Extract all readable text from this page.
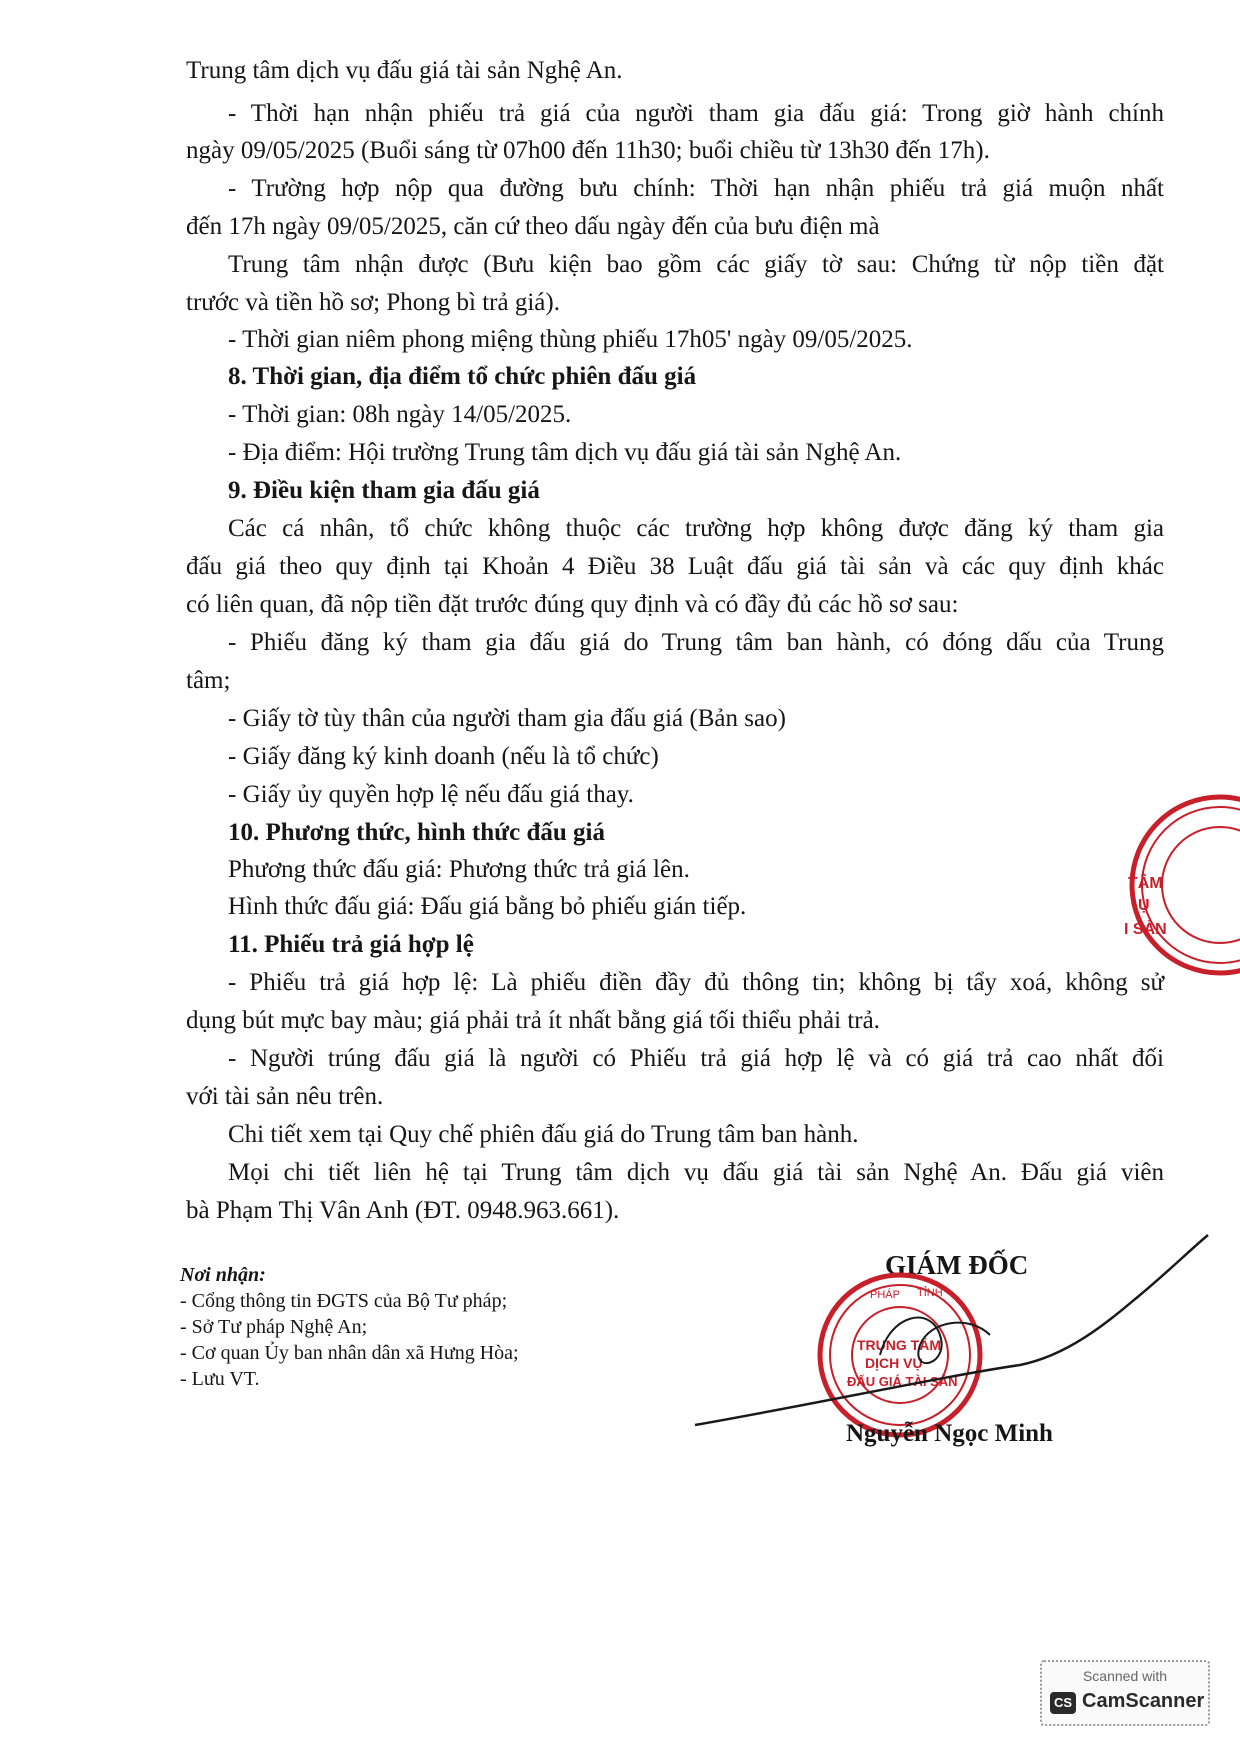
Trung tâm dịch vụ đấu giá tài sản Nghệ An.
- Thời hạn nhận phiếu trả giá của người tham gia đấu giá: Trong giờ hành chính
ngày 09/05/2025 (Buổi sáng từ 07h00 đến 11h30; buổi chiều từ 13h30 đến 17h).
- Trường hợp nộp qua đường bưu chính: Thời hạn nhận phiếu trả giá muộn nhất
đến 17h ngày 09/05/2025, căn cứ theo dấu ngày đến của bưu điện mà
Trung tâm nhận được (Bưu kiện bao gồm các giấy tờ sau: Chứng từ nộp tiền đặt
trước và tiền hồ sơ; Phong bì trả giá).
- Thời gian niêm phong miệng thùng phiếu 17h05' ngày 09/05/2025.
8. Thời gian, địa điểm tổ chức phiên đấu giá
- Thời gian: 08h ngày 14/05/2025.
- Địa điểm: Hội trường Trung tâm dịch vụ đấu giá tài sản Nghệ An.
9. Điều kiện tham gia đấu giá
Các cá nhân, tổ chức không thuộc các trường hợp không được đăng ký tham gia
đấu giá theo quy định tại Khoản 4 Điều 38 Luật đấu giá tài sản và các quy định khác
có liên quan, đã nộp tiền đặt trước đúng quy định và có đầy đủ các hồ sơ sau:
- Phiếu đăng ký tham gia đấu giá do Trung tâm ban hành, có đóng dấu của Trung
tâm;
- Giấy tờ tùy thân của người tham gia đấu giá (Bản sao)
- Giấy đăng ký kinh doanh (nếu là tổ chức)
- Giấy ủy quyền hợp lệ nếu đấu giá thay.
10. Phương thức, hình thức đấu giá
Phương thức đấu giá: Phương thức trả giá lên.
Hình thức đấu giá: Đấu giá bằng bỏ phiếu gián tiếp.
11. Phiếu trả giá hợp lệ
- Phiếu trả giá hợp lệ: Là phiếu điền đầy đủ thông tin; không bị tẩy xoá, không sử
dụng bút mực bay màu; giá phải trả ít nhất bằng giá tối thiểu phải trả.
- Người trúng đấu giá là người có Phiếu trả giá hợp lệ và có giá trả cao nhất đối
với tài sản nêu trên.
Chi tiết xem tại Quy chế phiên đấu giá do Trung tâm ban hành.
Mọi chi tiết liên hệ tại Trung tâm dịch vụ đấu giá tài sản Nghệ An. Đấu giá viên
bà Phạm Thị Vân Anh (ĐT. 0948.963.661).
Nơi nhận:
- Cổng thông tin ĐGTS của Bộ Tư pháp;
- Sở Tư pháp Nghệ An;
- Cơ quan Ủy ban nhân dân xã Hưng Hòa;
- Lưu VT.
TÂM
Ụ
I SẢN
GIÁM ĐỐC
TRUNG TÂM
DỊCH VỤ
ĐẤU GIÁ TÀI SẢN
PHÁP TỈNH
Nguyễn Ngọc Minh
Scanned with
CS CamScanner
